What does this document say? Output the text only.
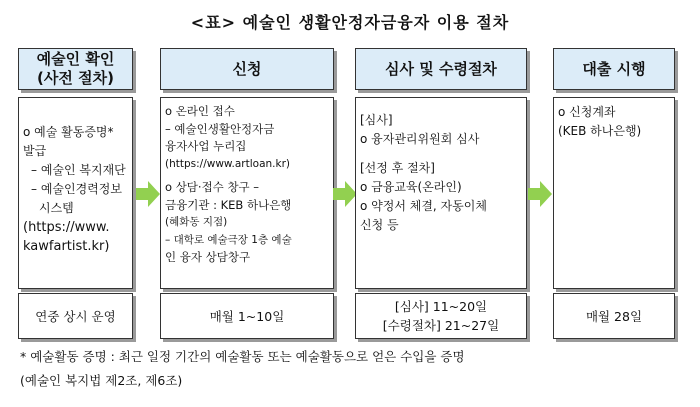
<표> 예술인 생활안정자금융자 이용 절차
예술인 확인
(사전 절차)
o 예술 활동증명*
발급
– 예술인 복지재단
– 예술인경력정보
시스템
(https://www.
kawfartist.kr)
연중 상시 운영
신청
o 온라인 접수
– 예술인생활안정자금
융자사업 누리집
(https://www.artloan.kr)
o 상담·접수 창구 –
금융기관 : KEB 하나은행
(혜화동 지점)
– 대학로 예술극장 1층 예술
인 융자 상담창구
매월 1~10일
심사 및 수령절차
[심사]
o 융자관리위원회 심사
[선정 후 절차]
o 금융교육(온라인)
o 약정서 체결, 자동이체
신청 등
[심사] 11~20일
[수령절차] 21~27일
대출 시행
o 신청계좌
(KEB 하나은행)
매월 28일
* 예술활동 증명 : 최근 일정 기간의 예술활동 또는 예술활동으로 얻은 수입을 증명
(예술인 복지법 제2조, 제6조)
